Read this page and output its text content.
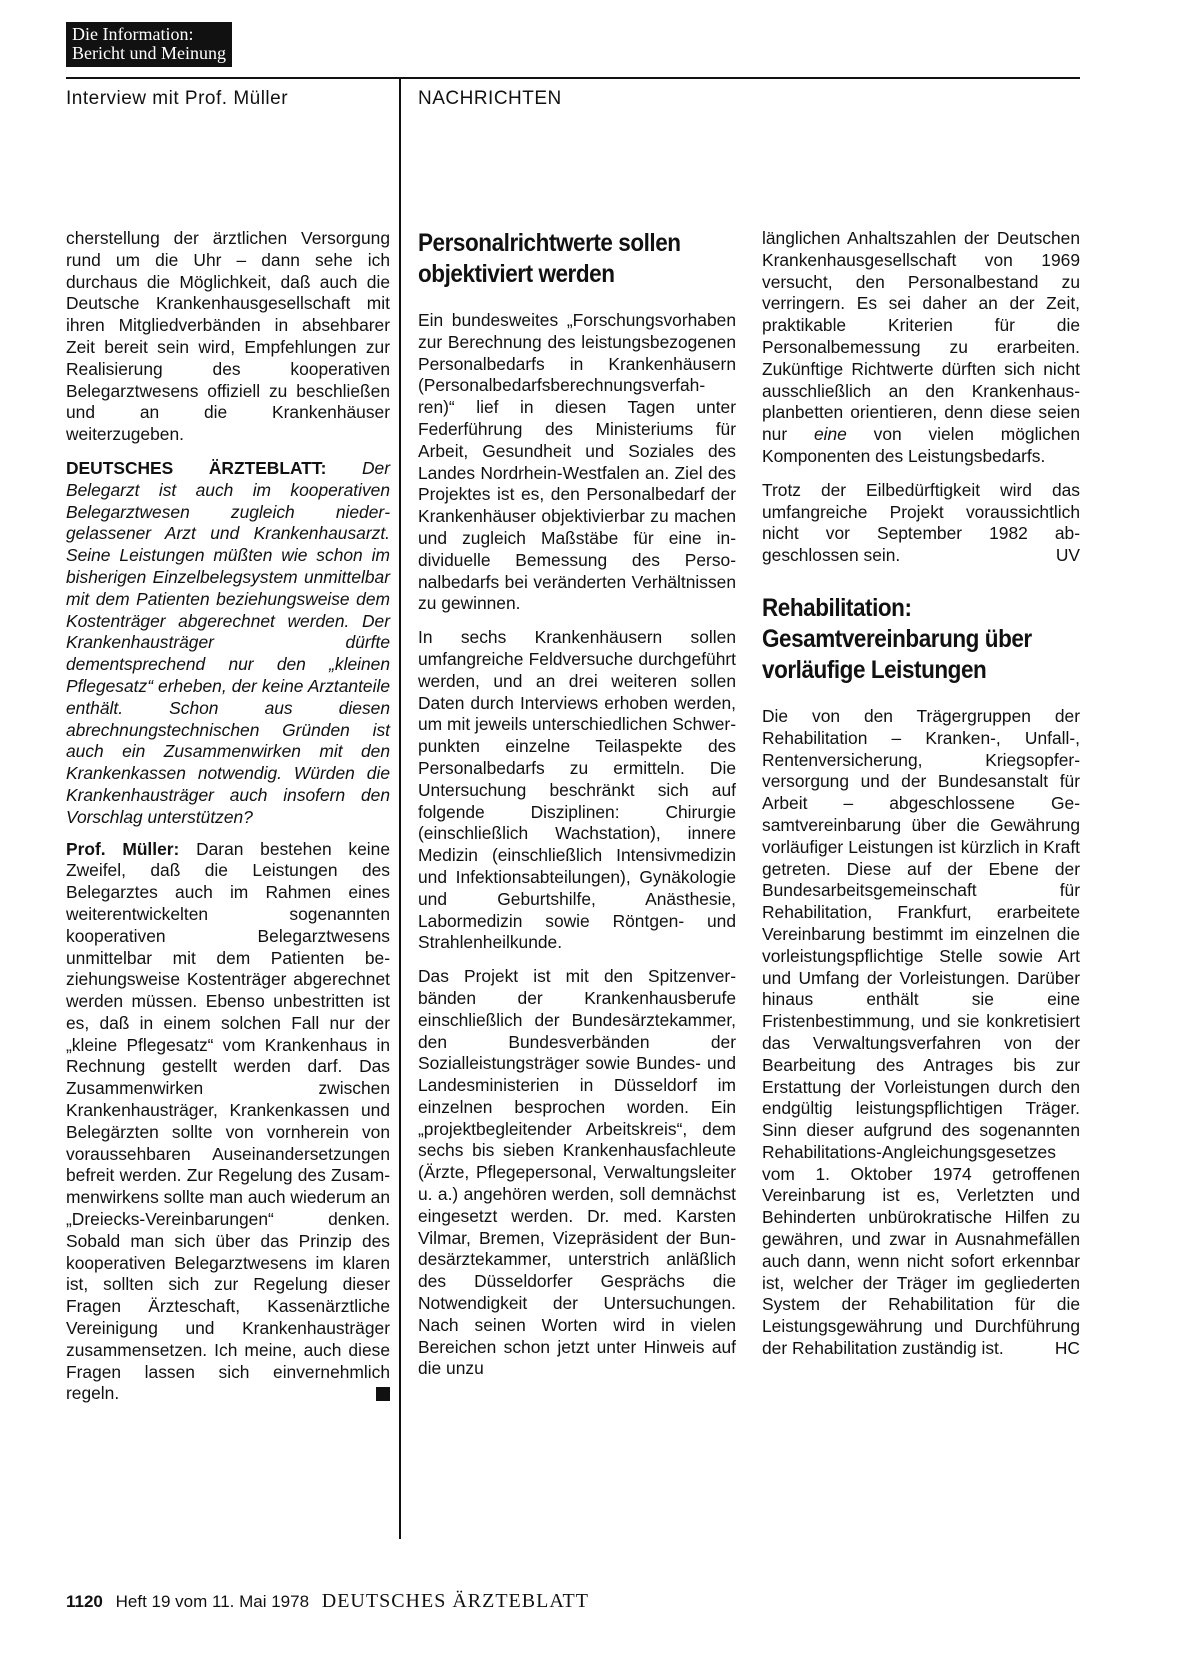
Die Information:
Bericht und Meinung
Interview mit Prof. Müller	NACHRICHTEN

cherstellung der ärztlichen Versorgung rund um die Uhr – dann sehe ich durchaus die Möglichkeit, daß auch die Deutsche Krankenhausgesellschaft mit ihren Mitgliedverbänden in absehbarer Zeit bereit sein wird, Empfehlungen zur Realisierung des kooperativen Belegarztwesens offiziell zu beschließen und an die Krankenhäuser weiterzugeben.

DEUTSCHES ÄRZTEBLATT: Der Belegarzt ist auch im kooperativen Belegarztwesen zugleich niedergelassener Arzt und Krankenhausarzt. Seine Leistungen müßten wie schon im bisherigen Einzelbelegsystem unmittelbar mit dem Patienten beziehungsweise dem Kostenträger abgerechnet werden. Der Krankenhausträger dürfte dementsprechend nur den „kleinen Pflegesatz“ erheben, der keine Arztanteile enthält. Schon aus diesen abrechnungstechnischen Gründen ist auch ein Zusammenwirken mit den Krankenkassen notwendig. Würden die Krankenhausträger auch insofern den Vorschlag unterstützen?

Prof. Müller: Daran bestehen keine Zweifel, daß die Leistungen des Belegarztes auch im Rahmen eines weiterentwickelten sogenannten kooperativen Belegarztwesens unmittelbar mit dem Patienten beziehungsweise Kostenträger abgerechnet werden müssen. Ebenso unbestritten ist es, daß in einem solchen Fall nur der „kleine Pflegesatz“ vom Krankenhaus in Rechnung gestellt werden darf. Das Zusammenwirken zwischen Krankenhausträger, Krankenkassen und Belegärzten sollte von vornherein von voraussehbaren Auseinandersetzungen befreit werden. Zur Regelung des Zusammenwirkens sollte man auch wiederum an „Dreiecks-Vereinbarungen“ denken. Sobald man sich über das Prinzip des kooperativen Belegarztwesens im klaren ist, sollten sich zur Regelung dieser Fragen Ärzteschaft, Kassenärztliche Vereinigung und Krankenhausträger zusammensetzen. Ich meine, auch diese Fragen lassen sich einvernehmlich regeln.

Personalrichtwerte sollen objektiviert werden

Ein bundesweites „Forschungsvorhaben zur Berechnung des leistungsbezogenen Personalbedarfs in Krankenhäusern (Personalbedarfsberechnungsverfahren)“ lief in diesen Tagen unter Federführung des Ministeriums für Arbeit, Gesundheit und Soziales des Landes Nordrhein-Westfalen an. Ziel des Projektes ist es, den Personalbedarf der Krankenhäuser objektivierbar zu machen und zugleich Maßstäbe für eine individuelle Bemessung des Personalbedarfs bei veränderten Verhältnissen zu gewinnen.

In sechs Krankenhäusern sollen umfangreiche Feldversuche durchgeführt werden, und an drei weiteren sollen Daten durch Interviews erhoben werden, um mit jeweils unterschiedlichen Schwerpunkten einzelne Teilaspekte des Personalbedarfs zu ermitteln. Die Untersuchung beschränkt sich auf folgende Disziplinen: Chirurgie (einschließlich Wachstation), innere Medizin (einschließlich Intensivmedizin und Infektionsabteilungen), Gynäkologie und Geburtshilfe, Anästhesie, Labormedizin sowie Röntgen- und Strahlenheilkunde.

Das Projekt ist mit den Spitzenverbänden der Krankenhausberufe einschließlich der Bundesärztekammer, den Bundesverbänden der Sozialleistungsträger sowie Bundes- und Landesministerien in Düsseldorf im einzelnen besprochen worden. Ein „projektbegleitender Arbeitskreis“, dem sechs bis sieben Krankenhausfachleute (Ärzte, Pflegepersonal, Verwaltungsleiter u. a.) angehören werden, soll demnächst eingesetzt werden. Dr. med. Karsten Vilmar, Bremen, Vizepräsident der Bundesärztekammer, unterstrich anläßlich des Düsseldorfer Gesprächs die Notwendigkeit der Untersuchungen. Nach seinen Worten wird in vielen Bereichen schon jetzt unter Hinweis auf die unzu

länglichen Anhaltszahlen der Deutschen Krankenhausgesellschaft von 1969 versucht, den Personalbestand zu verringern. Es sei daher an der Zeit, praktikable Kriterien für die Personalbemessung zu erarbeiten. Zukünftige Richtwerte dürften sich nicht ausschließlich an den Krankenhausplanbetten orientieren, denn diese seien nur eine von vielen möglichen Komponenten des Leistungsbedarfs.

Trotz der Eilbedürftigkeit wird das umfangreiche Projekt voraussichtlich nicht vor September 1982 abgeschlossen sein.	UV

Rehabilitation: Gesamtvereinbarung über vorläufige Leistungen

Die von den Trägergruppen der Rehabilitation – Kranken-, Unfall-, Rentenversicherung, Kriegsopferversorgung und der Bundesanstalt für Arbeit – abgeschlossene Gesamtvereinbarung über die Gewährung vorläufiger Leistungen ist kürzlich in Kraft getreten. Diese auf der Ebene der Bundesarbeitsgemeinschaft für Rehabilitation, Frankfurt, erarbeitete Vereinbarung bestimmt im einzelnen die vorleistungspflichtige Stelle sowie Art und Umfang der Vorleistungen. Darüber hinaus enthält sie eine Fristenbestimmung, und sie konkretisiert das Verwaltungsverfahren von der Bearbeitung des Antrages bis zur Erstattung der Vorleistungen durch den endgültig leistungspflichtigen Träger. Sinn dieser aufgrund des sogenannten Rehabilitations-Angleichungsgesetzes vom 1. Oktober 1974 getroffenen Vereinbarung ist es, Verletzten und Behinderten unbürokratische Hilfen zu gewähren, und zwar in Ausnahmefällen auch dann, wenn nicht sofort erkennbar ist, welcher der Träger im gegliederten System der Rehabilitation für die Leistungsgewährung und Durchführung der Rehabilitation zuständig ist.	HC

1120 Heft 19 vom 11. Mai 1978 DEUTSCHES ÄRZTEBLATT
